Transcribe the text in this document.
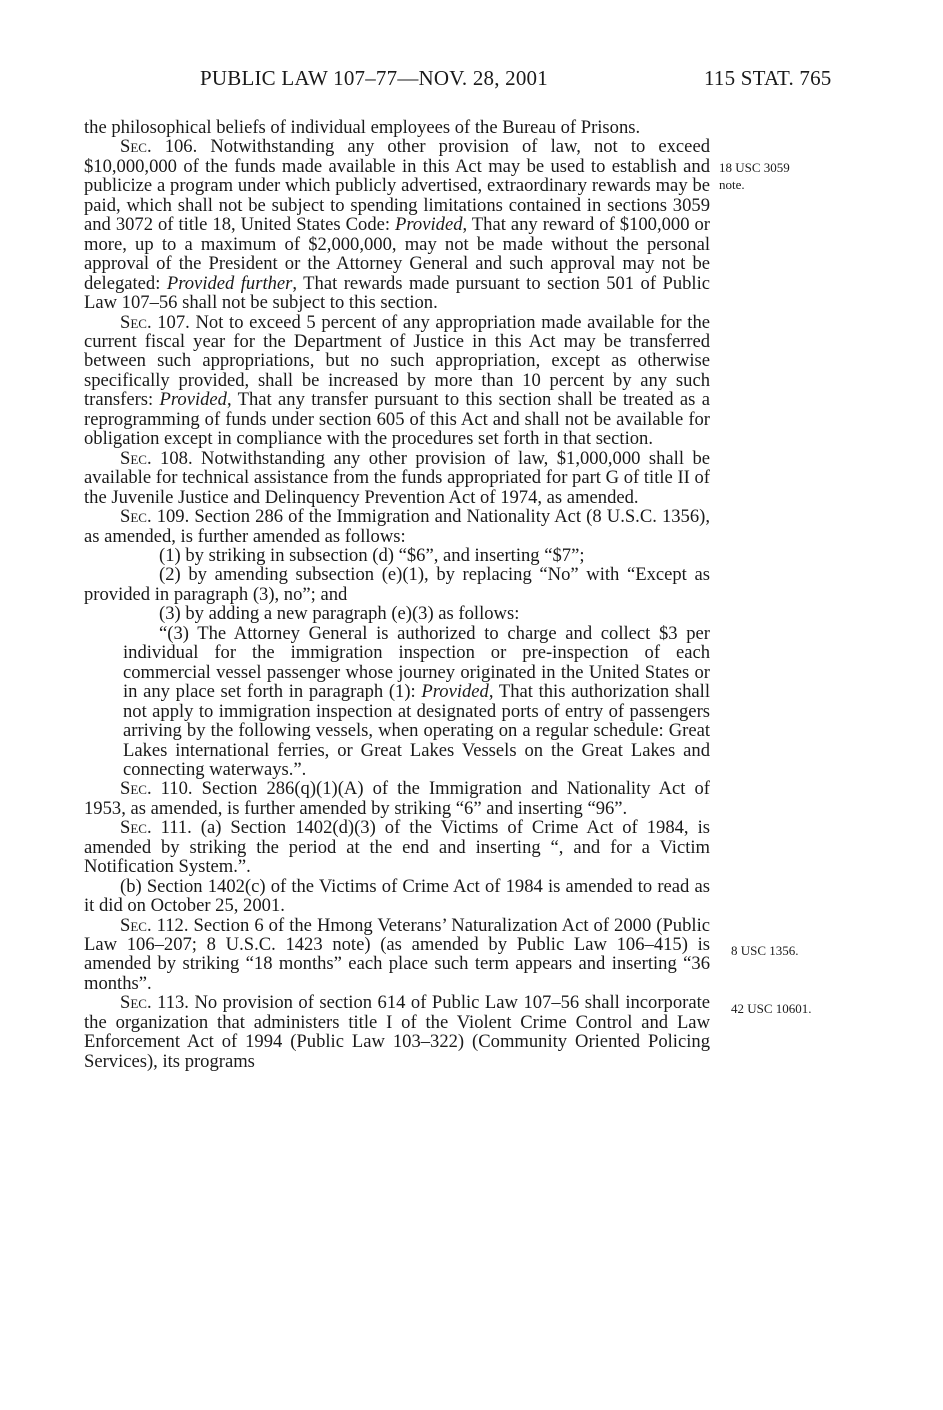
PUBLIC LAW 107–77—NOV. 28, 2001	115 STAT. 765
18 USC 3059
note.
8 USC 1356.
42 USC 10601.

the philosophical beliefs of individual employees of the Bureau of Prisons.

Sec. 106. Notwithstanding any other provision of law, not to exceed $10,000,000 of the funds made available in this Act may be used to establish and publicize a program under which publicly advertised, extraordinary rewards may be paid, which shall not be subject to spending limitations contained in sections 3059 and 3072 of title 18, United States Code: Provided, That any reward of $100,000 or more, up to a maximum of $2,000,000, may not be made without the personal approval of the President or the Attorney General and such approval may not be delegated: Provided further, That rewards made pursuant to section 501 of Public Law 107–56 shall not be subject to this section.

Sec. 107. Not to exceed 5 percent of any appropriation made available for the current fiscal year for the Department of Justice in this Act may be transferred between such appropriations, but no such appropriation, except as otherwise specifically provided, shall be increased by more than 10 percent by any such transfers: Provided, That any transfer pursuant to this section shall be treated as a reprogramming of funds under section 605 of this Act and shall not be available for obligation except in compliance with the procedures set forth in that section.

Sec. 108. Notwithstanding any other provision of law, $1,000,000 shall be available for technical assistance from the funds appropriated for part G of title II of the Juvenile Justice and Delinquency Prevention Act of 1974, as amended.

Sec. 109. Section 286 of the Immigration and Nationality Act (8 U.S.C. 1356), as amended, is further amended as follows:

(1) by striking in subsection (d) “$6”, and inserting “$7”;

(2) by amending subsection (e)(1), by replacing “No” with “Except as provided in paragraph (3), no”; and

(3) by adding a new paragraph (e)(3) as follows:

“(3) The Attorney General is authorized to charge and collect $3 per individual for the immigration inspection or pre-inspection of each commercial vessel passenger whose journey originated in the United States or in any place set forth in paragraph (1): Provided, That this authorization shall not apply to immigration inspection at designated ports of entry of passengers arriving by the following vessels, when operating on a regular schedule: Great Lakes international ferries, or Great Lakes Vessels on the Great Lakes and connecting waterways.”.

Sec. 110. Section 286(q)(1)(A) of the Immigration and Nationality Act of 1953, as amended, is further amended by striking “6” and inserting “96”.

Sec. 111. (a) Section 1402(d)(3) of the Victims of Crime Act of 1984, is amended by striking the period at the end and inserting “, and for a Victim Notification System.”.

(b) Section 1402(c) of the Victims of Crime Act of 1984 is amended to read as it did on October 25, 2001.

Sec. 112. Section 6 of the Hmong Veterans’ Naturalization Act of 2000 (Public Law 106–207; 8 U.S.C. 1423 note) (as amended by Public Law 106–415) is amended by striking “18 months” each place such term appears and inserting “36 months”.

Sec. 113. No provision of section 614 of Public Law 107–56 shall incorporate the organization that administers title I of the Violent Crime Control and Law Enforcement Act of 1994 (Public Law 103–322) (Community Oriented Policing Services), its programs
